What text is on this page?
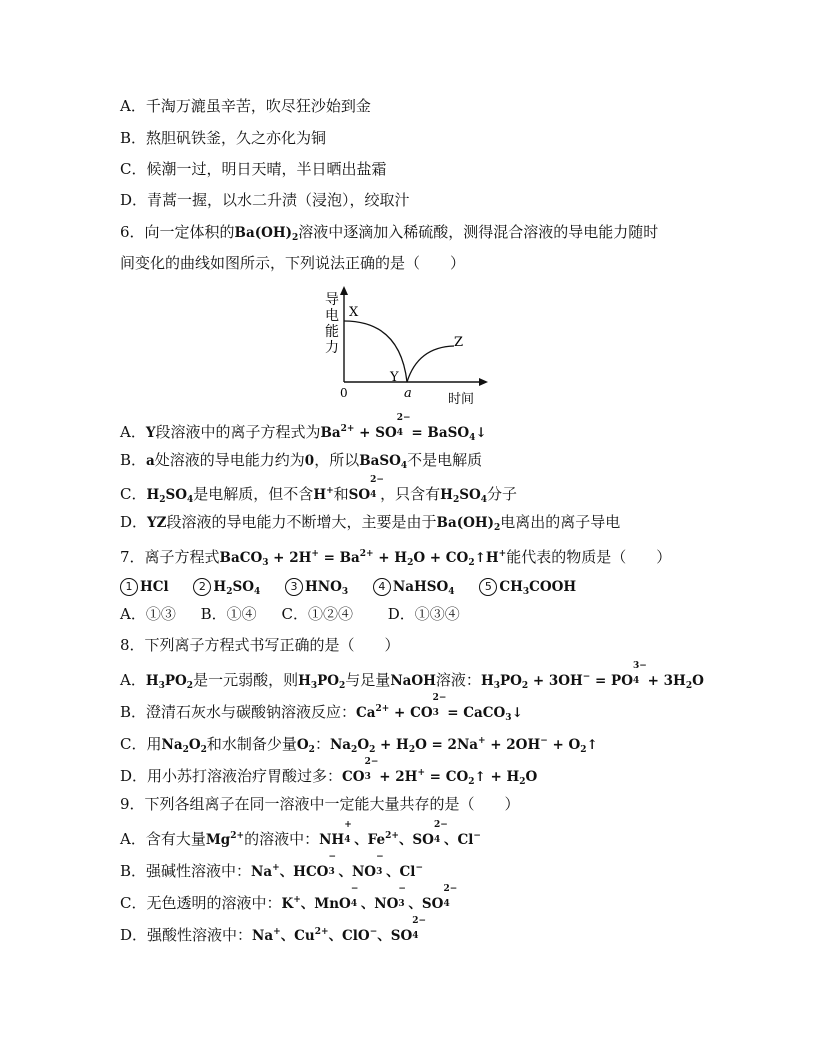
A．千淘万漉虽辛苦，吹尽狂沙始到金
B．熬胆矾铁釜，久之亦化为铜
C．候潮一过，明日天晴，半日晒出盐霜
D．青蒿一握，以水二升渍（浸泡），绞取汁
6．向一定体积的$Ba(OH)_2$溶液中逐滴加入稀硫酸，测得混合溶液的导电能力随时
间变化的曲线如图所示，下列说法正确的是（　　）
导
电
能
力
X
Y
Z
a
0	时间
A．Y段溶液中的离子方程式为$Ba^{2+}$ + SO
2−
4 = BaSO$_4$↓
B．a处溶液的导电能力约为0，所以BaSO$_4$不是电解质
C．$H_2SO_4$是电解质，但不含H+和SO
2−
4 ，只含有$H_2SO_4$分子
D．YZ段溶液的导电能力不断增大，主要是由于$Ba(OH)_2$电离出的离子导电
7．离子方程式BaCO$_3$ + $2H^+ = Ba^{2+} + H_2O$ + $CO_2↑H^+$能代表的物质是（　　）
1 HCl	2 $H_2SO_4$	3 $HNO_3$	4 NaHSO$_4$	5 $CH_3COOH$
A．①③ B．①④ C．①②④ D．①③④
8．下列离子方程式书写正确的是（　　）
A．$H_3PO_2$是一元弱酸，则$H_3PO_2$与足量NaOH溶液：$H_3PO_2 + 3OH^-$ = PO
3−
$4 + 3H_2O$
B．澄清石灰水与碳酸钠溶液反应：$Ca^{2+}$ + CO
2−
3 = CaCO$_3$↓
C．用$Na_2O_2$和水制备少量$O_2$：$Na_2O_2 + H_2O = 2Na^+ + 2OH^-$ + $O_2↑$
D．用小苏打溶液治疗胃酸过多：CO
2−
$3 + 2H^+ = CO_2↑ + H_2O$
9．下列各组离子在同一溶液中一定能大量共存的是（　　）
A．含有大量$Mg^{2+}$的溶液中：NH
+
4 、$Fe^{2+}$、SO
2−
4 、Cl−
B．强碱性溶液中：Na+、HCO
−
3 、NO
−
3 、Cl−
C．无色透明的溶液中：K+、MnO
−
4 、NO
−
3 、SO
2−
4
D．强酸性溶液中：Na+、$Cu^{2+}$、ClO−、SO
2−
4
